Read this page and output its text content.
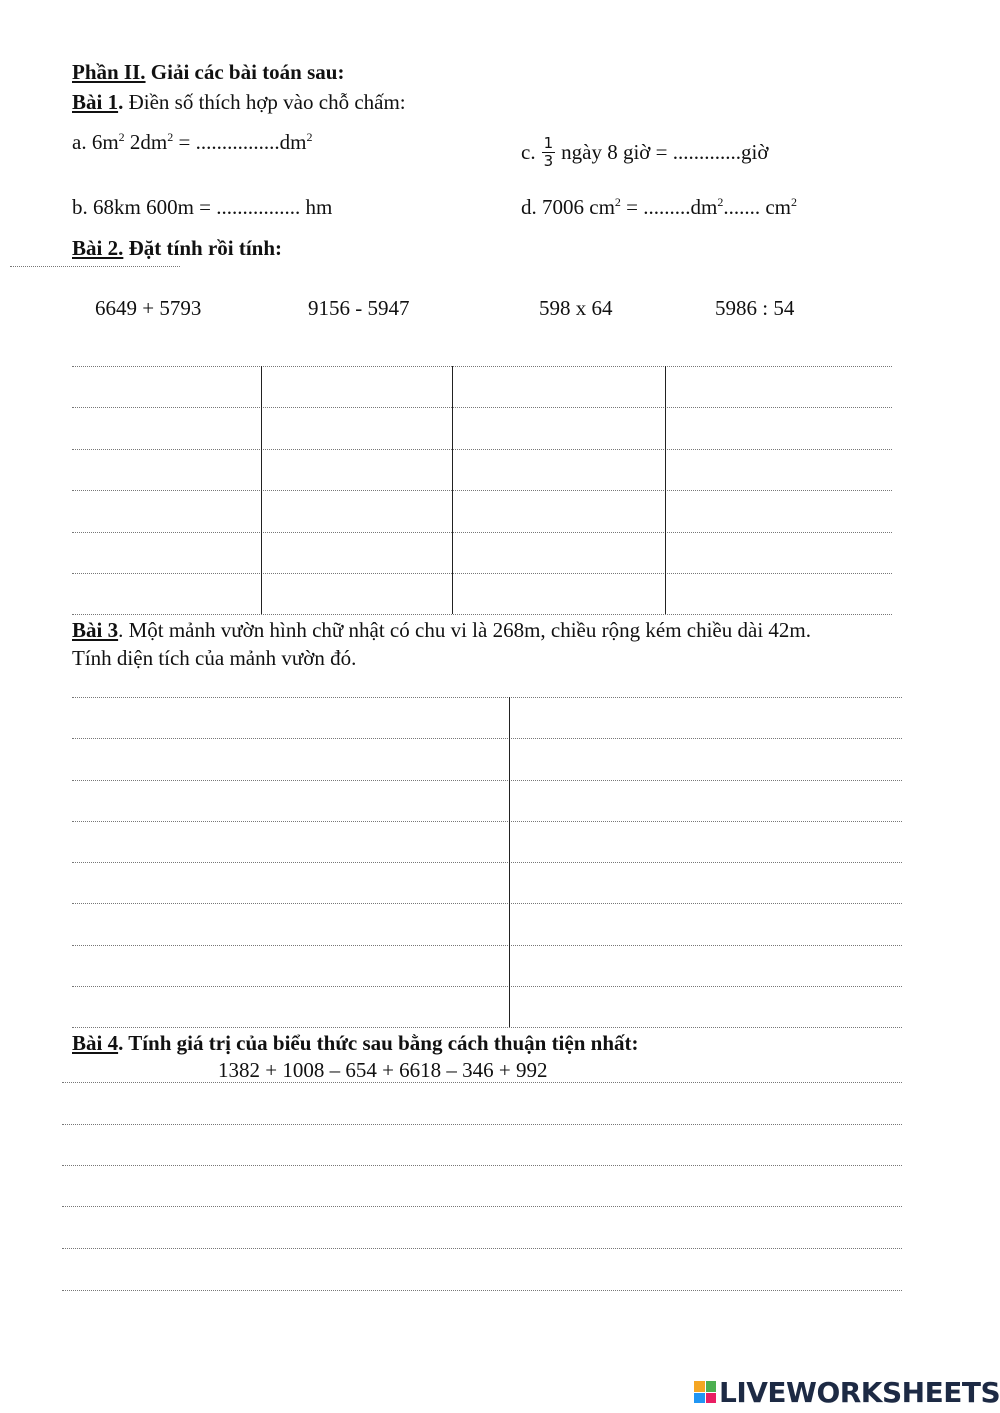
Phần II. Giải các bài toán sau:
Bài 1. Điền số thích hợp vào chỗ chấm:
a. $6m^2$ $2dm^2 = ................dm^2$
c. $\frac{1}{3}$ ngày 8 giờ = .............giờ
b. 68km 600m = ................ hm	d. 7006 $cm^2 = .........dm^2$....... $cm^2$
Bài 2. Đặt tính rồi tính:
6649 + 5793	9156 - 5947	598 x 64	5986 : 54
Bài 3. Một mảnh vườn hình chữ nhật có chu vi là 268m, chiều rộng kém chiều dài 42m.
Tính diện tích của mảnh vườn đó.
Bài 4. Tính giá trị của biểu thức sau bằng cách thuận tiện nhất:
1382 + 1008 – 654 + 6618 – 346 + 992
LIVEWORKSHEETS
